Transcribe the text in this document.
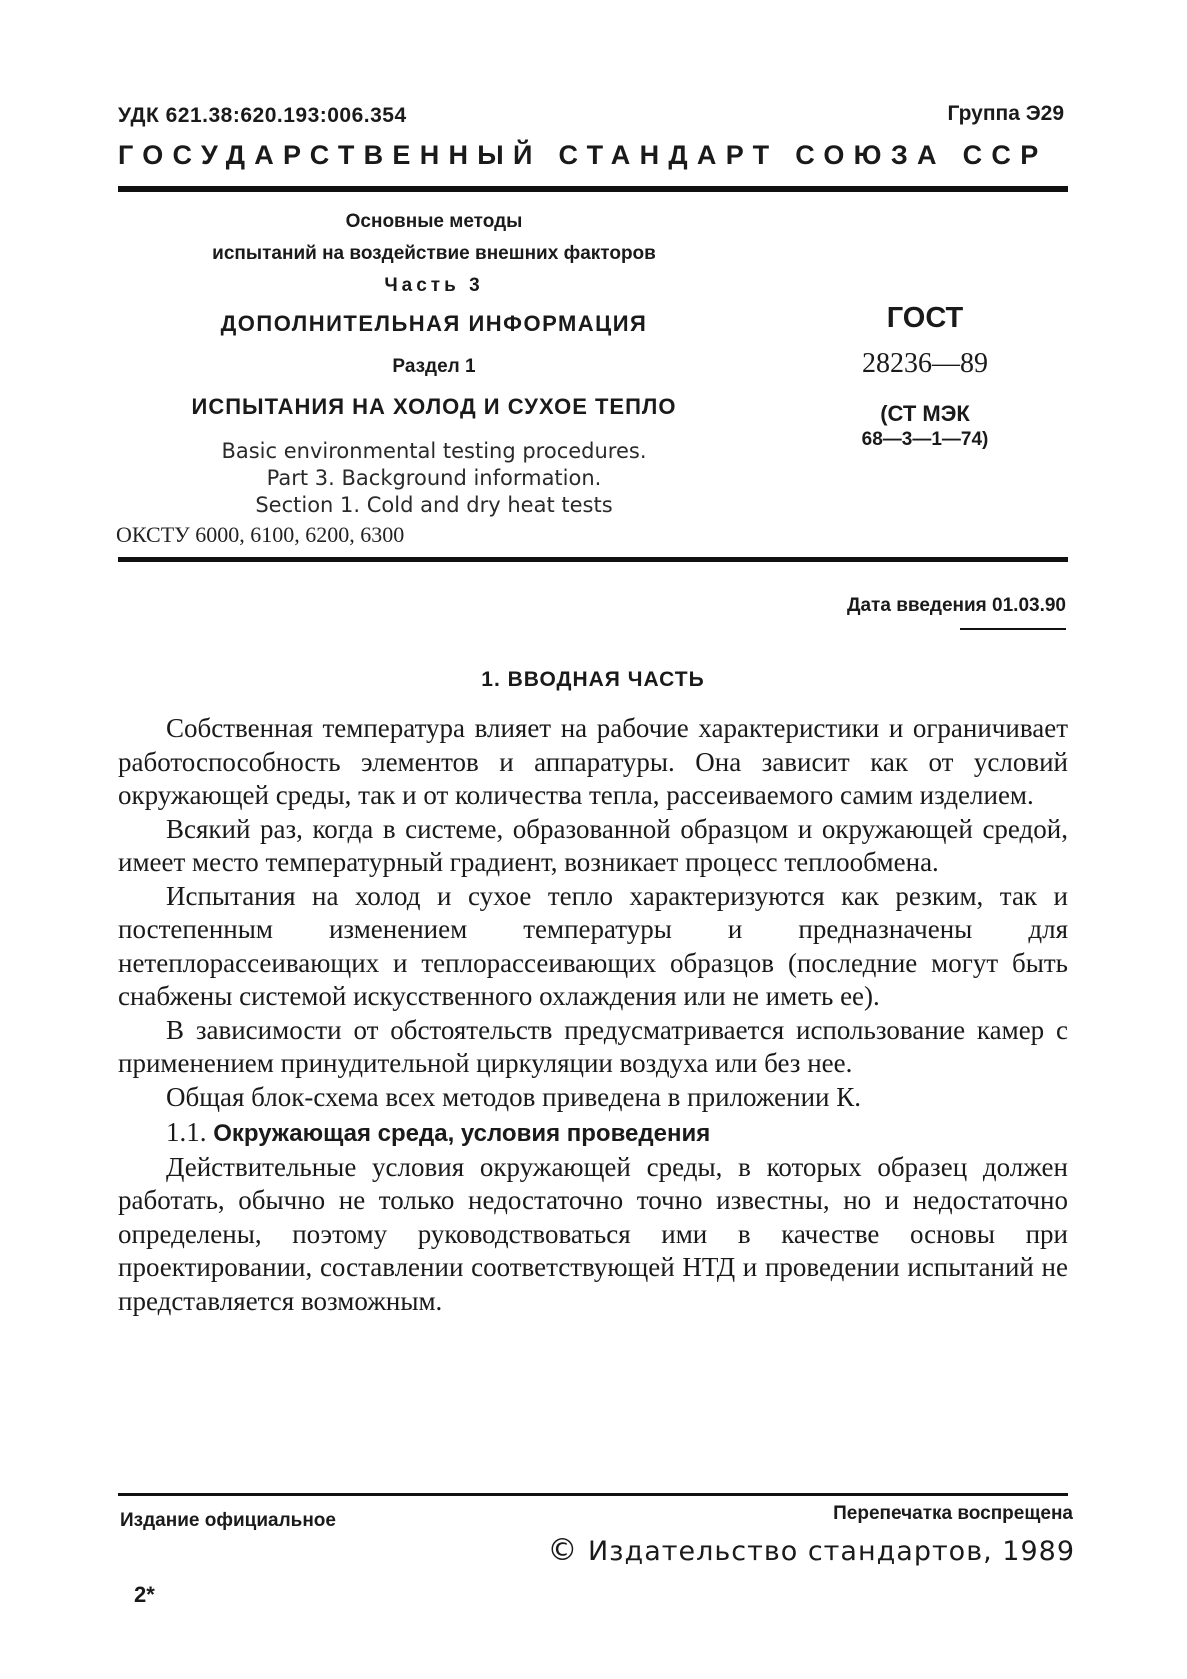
УДК 621.38:620.193:006.354	Группа Э29
ГОСУДАРСТВЕННЫЙ СТАНДАРТ СОЮЗА ССР
Основные методы
испытаний на воздействие внешних факторов
Часть 3
ДОПОЛНИТЕЛЬНАЯ ИНФОРМАЦИЯ
Раздел 1
ИСПЫТАНИЯ НА ХОЛОД И СУХОЕ ТЕПЛО
Basic environmental testing procedures.
Part 3. Background information.
Section 1. Cold and dry heat tests
ОКСТУ 6000, 6100, 6200, 6300
ГОСТ
28236—89
(СТ МЭК
68—3—1—74)
Дата введения 01.03.90
1. ВВОДНАЯ ЧАСТЬ

Собственная температура влияет на рабочие характеристики и ограничивает работоспособность элементов и аппаратуры. Она зависит как от условий окружающей среды, так и от количества тепла, рассеиваемого самим изделием.

Всякий раз, когда в системе, образованной образцом и окружающей средой, имеет место температурный градиент, возникает процесс теплообмена.

Испытания на холод и сухое тепло характеризуются как резким, так и постепенным изменением температуры и предназначены для нетеплорассеивающих и теплорассеивающих образцов (последние могут быть снабжены системой искусственного охлаждения или не иметь ее).

В зависимости от обстоятельств предусматривается использование камер с применением принудительной циркуляции воздуха или без нее.

Общая блок-схема всех методов приведена в приложении К.

1.1. Окружающая среда, условия проведения

Действительные условия окружающей среды, в которых образец должен работать, обычно не только недостаточно точно известны, но и недостаточно определены, поэтому руководствоваться ими в качестве основы при проектировании, составлении соответствующей НТД и проведении испытаний не представляется возможным.

Издание официальное	Перепечатка воспрещена
© Издательство стандартов, 1989
2*
